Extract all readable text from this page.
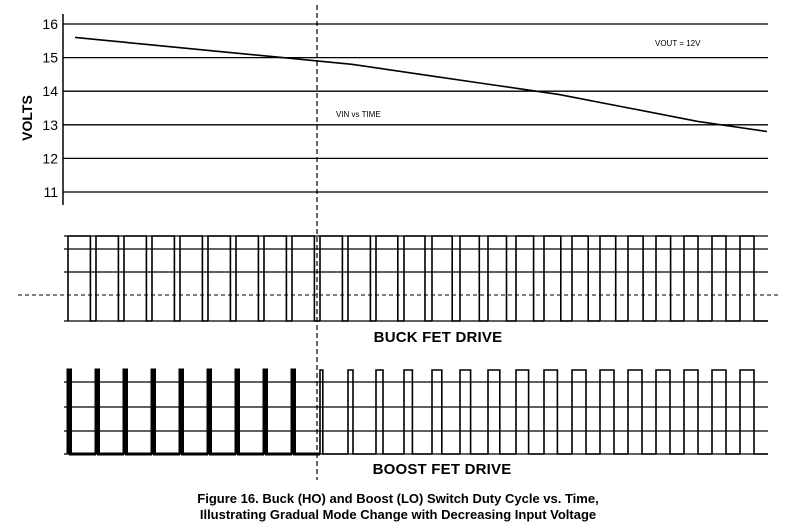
11
12
13
14
15
16
VOLTS
VOUT = 12V
VIN vs TIME
BUCK FET DRIVE
BOOST FET DRIVE
Figure 16. Buck (HO) and Boost (LO) Switch Duty Cycle vs. Time,
Illustrating Gradual Mode Change with Decreasing Input Voltage
